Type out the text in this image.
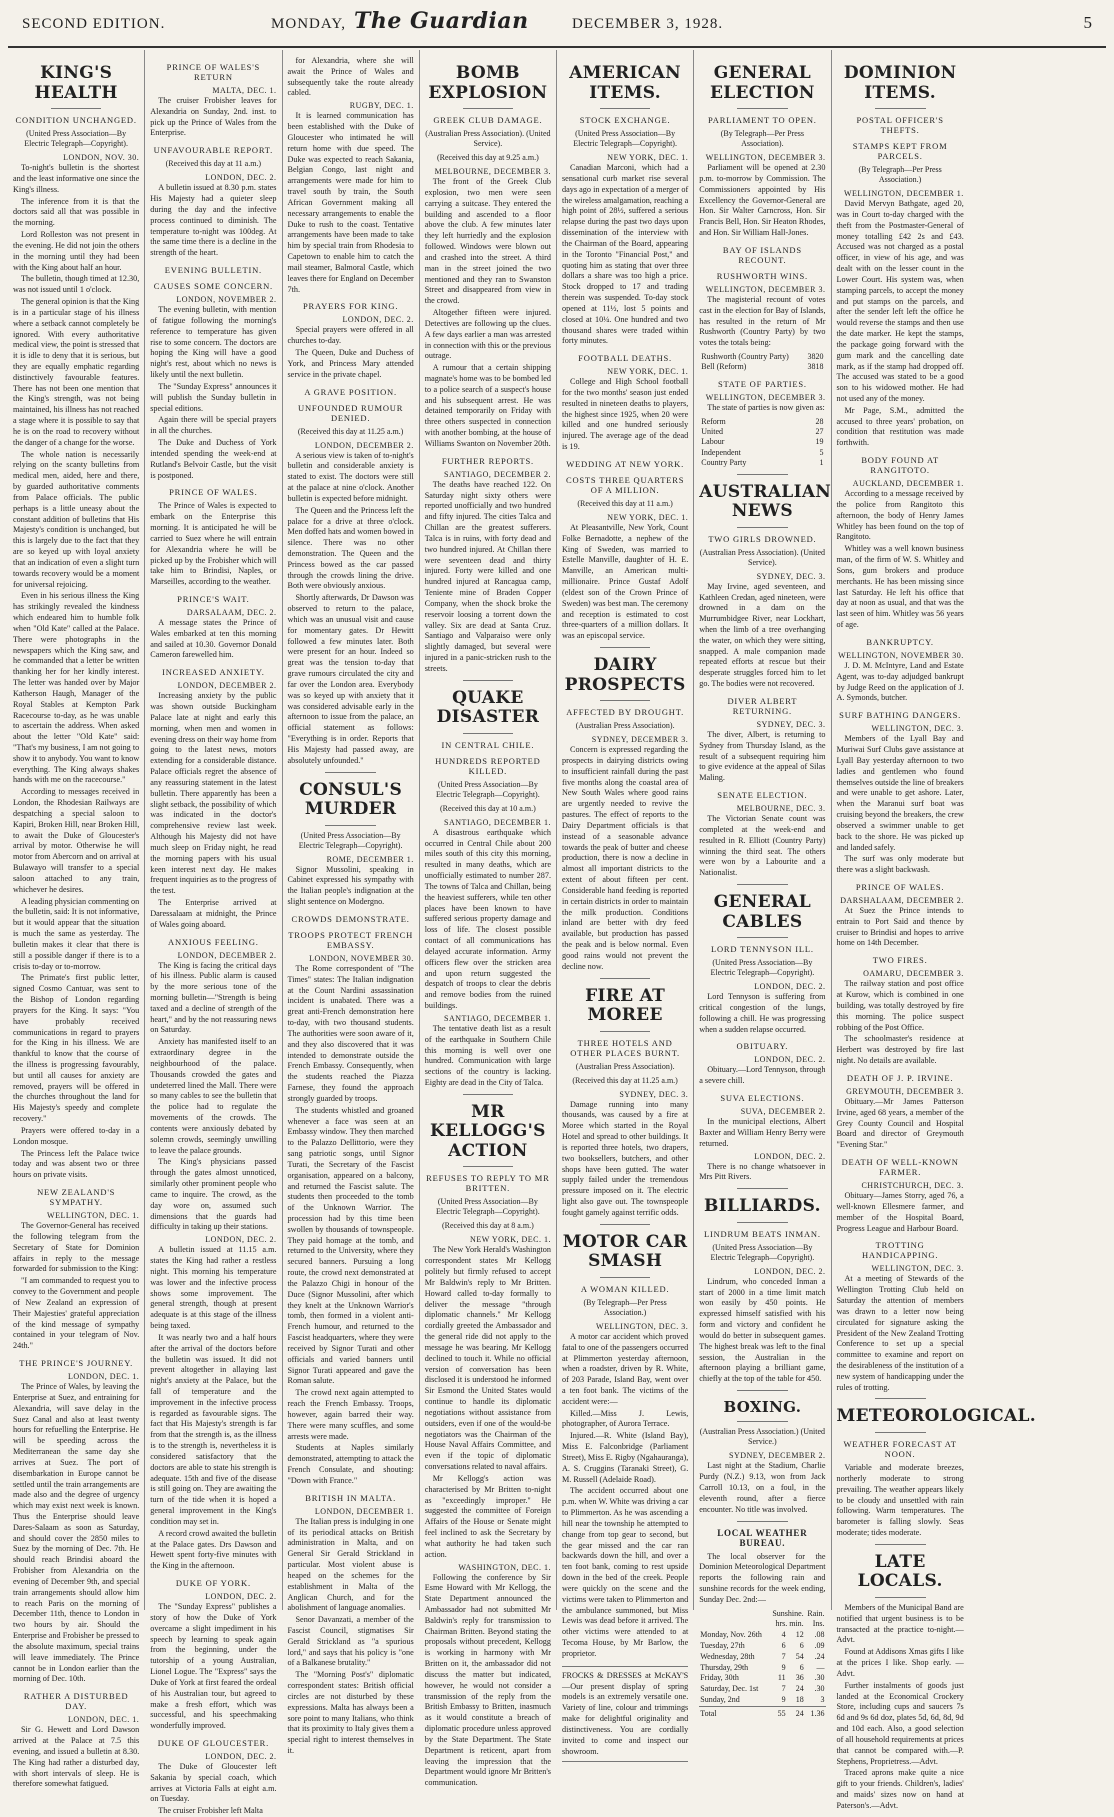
SECOND EDITION.	MONDAY, The Guardian	DECEMBER 3, 1928.	5
KING'S HEALTH
CONDITION UNCHANGED.
(United Press Association—By Electric Telegraph—Copyright).
LONDON, NOV. 30.

To-night's bulletin is the shortest and the least informative one since the King's illness.

The inference from it is that the doctors said all that was possible in the morning.

Lord Rolleston was not present in the evening. He did not join the others in the morning until they had been with the King about half an hour.

The bulletin, though timed at 12.30, was not issued until 1 o'clock.

The general opinion is that the King is in a particular stage of his illness where a setback cannot completely be ignored. With every authoritative medical view, the point is stressed that it is idle to deny that it is serious, but they are equally emphatic regarding distinctively favourable features. There has not been one mention that the King's strength, was not being maintained, his illness has not reached a stage where it is possible to say that he is on the road to recovery without the danger of a change for the worse.

The whole nation is necessarily relying on the scanty bulletins from medical men, aided, here and there, by guarded authoritative comments from Palace officials. The public perhaps is a little uneasy about the constant addition of bulletins that His Majesty's condition is unchanged, but this is largely due to the fact that they are so keyed up with loyal anxiety that an indication of even a slight turn towards recovery would be a moment for universal rejoicing.

Even in his serious illness the King has strikingly revealed the kindness which endeared him to humble folk when "Old Kate" called at the Palace. There were photographs in the newspapers which the King saw, and he commanded that a letter be written thanking her for her kindly interest. The letter was handed over by Major Katherson Haugh, Manager of the Royal Stables at Kempton Park Racecourse to-day, as he was unable to ascertain the address. When asked about the letter "Old Kate" said: "That's my business, I am not going to show it to anybody. You want to know everything. The King always shakes hands with me on the racecourse."

According to messages received in London, the Rhodesian Railways are despatching a special saloon to Kapiri, Broken Hill, near Broken Hill, to await the Duke of Gloucester's arrival by motor. Otherwise he will motor from Abercorn and on arrival at Bulawayo will transfer to a special saloon attached to any train, whichever he desires.

A leading physician commenting on the bulletin, said: It is not informative, but it would appear that the situation is much the same as yesterday. The bulletin makes it clear that there is still a possible danger if there is to a crisis to-day or to-morrow.

The Primate's first public letter, signed Cosmo Cantuar, was sent to the Bishop of London regarding prayers for the King. It says: "You have probably received communications in regard to prayers for the King in his illness. We are thankful to know that the course of the illness is progressing favourably, but until all causes for anxiety are removed, prayers will be offered in the churches throughout the land for His Majesty's speedy and complete recovery."

Prayers were offered to-day in a London mosque.

The Princess left the Palace twice today and was absent two or three hours on private visits.

NEW ZEALAND'S SYMPATHY.
WELLINGTON, DEC. 1.

The Governor-General has received the following telegram from the Secretary of State for Dominion affairs in reply to the message forwarded for submission to the King:

"I am commanded to request you to convey to the Government and people of New Zealand an expression of Their Majesties' grateful appreciation of the kind message of sympathy contained in your telegram of Nov. 24th."

THE PRINCE'S JOURNEY.
LONDON, DEC. 1.

The Prince of Wales, by leaving the Enterprise at Suez, and entraining for Alexandria, will save delay in the Suez Canal and also at least twenty hours for refuelling the Enterprise. He will be speeding across the Mediterranean the same day she arrives at Suez. The port of disembarkation in Europe cannot be settled until the train arrangements are made also and the degree of urgency which may exist next week is known. Thus the Enterprise should leave Dares-Salaam as soon as Saturday, and should cover the 2850 miles to Suez by the morning of Dec. 7th. He should reach Brindisi aboard the Frobisher from Alexandria on the evening of December 9th, and special train arrangements should allow him to reach Paris on the morning of December 11th, thence to London in two hours by air. Should the Enterprise and Frobisher be pressed to the absolute maximum, special trains will leave immediately. The Prince cannot be in London earlier than the morning of Dec. 10th.

RATHER A DISTURBED DAY.
LONDON, DEC. 1.

Sir G. Hewett and Lord Dawson arrived at the Palace at 7.5 this evening, and issued a bulletin at 8.30. The King had rather a disturbed day, with short intervals of sleep. He is therefore somewhat fatigued.

PRINCE OF WALES'S RETURN
MALTA, DEC. 1.

The cruiser Frobisher leaves for Alexandria on Sunday, 2nd. inst. to pick up the Prince of Wales from the Enterprise.

UNFAVOURABLE REPORT.
(Received this day at 11 a.m.)
LONDON, DEC. 2.

A bulletin issued at 8.30 p.m. states His Majesty had a quieter sleep during the day and the infective process continued to diminish. The temperature to-night was 100deg. At the same time there is a decline in the strength of the heart.

EVENING BULLETIN.
CAUSES SOME CONCERN.
LONDON, NOVEMBER 2.

The evening bulletin, with mention of fatigue following the morning's reference to temperature has given rise to some concern. The doctors are hoping the King will have a good night's rest, about which no news is likely until the next bulletin.

The "Sunday Express" announces it will publish the Sunday bulletin in special editions.

Again there will be special prayers in all the churches.

The Duke and Duchess of York intended spending the week-end at Rutland's Belvoir Castle, but the visit is postponed.

PRINCE OF WALES.

The Prince of Wales is expected to embark on the Enterprise this morning. It is anticipated he will be carried to Suez where he will entrain for Alexandria where he will be picked up by the Frobisher which will take him to Brindisi, Naples, or Marseilles, according to the weather.

PRINCE'S WAIT.
DARSALAAM, DEC. 2.

A message states the Prince of Wales embarked at ten this morning and sailed at 10.30. Governor Donald Cameron farewelled him.

INCREASED ANXIETY.
LONDON, DECEMBER 2.

Increasing anxiety by the public was shown outside Buckingham Palace late at night and early this morning, when men and women in evening dress on their way home from going to the latest news, motors extending for a considerable distance. Palace officials regret the absence of any reassuring statement in the latest bulletin. There apparently has been a slight setback, the possibility of which was indicated in the doctor's comprehensive review last week. Although his Majesty did not have much sleep on Friday night, he read the morning papers with his usual keen interest next day. He makes frequent inquiries as to the progress of the test.

The Enterprise arrived at Daressalaam at midnight, the Prince of Wales going aboard.

ANXIOUS FEELING.
LONDON, DECEMBER 2.

The King is facing the critical days of his illness. Public alarm is caused by the more serious tone of the morning bulletin—"Strength is being taxed and a decline of strength of the heart," and by the not reassuring news on Saturday.

Anxiety has manifested itself to an extraordinary degree in the neighbourhood of the palace. Thousands crowded the gates and undeterred lined the Mall. There were so many cables to see the bulletin that the police had to regulate the movements of the crowds. The contents were anxiously debated by solemn crowds, seemingly unwilling to leave the palace grounds.

The King's physicians passed through the gates almost unnoticed, similarly other prominent people who came to inquire. The crowd, as the day wore on, assumed such dimensions that the guards had difficulty in taking up their stations.

LONDON, DEC. 2.

A bulletin issued at 11.15 a.m. states the King had rather a restless night. This morning his temperature was lower and the infective process shows some improvement. The general strength, though at present adequate is at this stage of the illness being taxed.

It was nearly two and a half hours after the arrival of the doctors before the bulletin was issued. It did not prevent altogether in allaying last night's anxiety at the Palace, but the fall of temperature and the improvement in the infective process is regarded as favourable signs. The fact that His Majesty's strength is far from that the strength is, as the illness is to the strength is, nevertheless it is considered satisfactory that the doctors are able to state his strength is adequate. 15th and five of the disease is still going on. They are awaiting the turn of the tide when it is hoped a general improvement in the King's condition may set in.

A record crowd awaited the bulletin at the Palace gates. Drs Dawson and Hewett spent forty-five minutes with the King in the afternoon.

DUKE OF YORK.
LONDON, DEC. 2.

The "Sunday Express" publishes a story of how the Duke of York overcame a slight impediment in his speech by learning to speak again from the beginning, under the tutorship of a young Australian, Lionel Logue. The "Express" says the Duke of York at first feared the ordeal of his Australian tour, but agreed to make a fresh effort, which was successful, and his speechmaking wonderfully improved.

DUKE OF GLOUCESTER.
LONDON, DEC. 2.

The Duke of Gloucester left Sakania by special coach, which arrives at Victoria Falls at eight a.m. on Tuesday.

The cruiser Frobisher left Malta

for Alexandria, where she will await the Prince of Wales and subsequently take the route already cabled.

RUGBY, DEC. 1.

It is learned communication has been established with the Duke of Gloucester who intimated he will return home with due speed. The Duke was expected to reach Sakania, Belgian Congo, last night and arrangements were made for him to travel south by train, the South African Government making all necessary arrangements to enable the Duke to rush to the coast. Tentative arrangements have been made to take him by special train from Rhodesia to Capetown to enable him to catch the mail steamer, Balmoral Castle, which leaves there for England on December 7th.

PRAYERS FOR KING.
LONDON, DEC. 2.

Special prayers were offered in all churches to-day.

The Queen, Duke and Duchess of York, and Princess Mary attended service in the private chapel.

A GRAVE POSITION.
UNFOUNDED RUMOUR DENIED.
(Received this day at 11.25 a.m.)
LONDON, DECEMBER 2.

A serious view is taken of to-night's bulletin and considerable anxiety is stated to exist. The doctors were still at the palace at nine o'clock. Another bulletin is expected before midnight.

The Queen and the Princess left the palace for a drive at three o'clock. Men doffed hats and women bowed in silence. There was no other demonstration. The Queen and the Princess bowed as the car passed through the crowds lining the drive. Both were obviously anxious.

Shortly afterwards, Dr Dawson was observed to return to the palace, which was an unusual visit and cause for momentary gates. Dr Hewitt followed a few minutes later. Both were present for an hour. Indeed so great was the tension to-day that grave rumours circulated the city and far over the London area. Everybody was so keyed up with anxiety that it was considered advisable early in the afternoon to issue from the palace, an official statement as follows: "Everything is in order. Reports that His Majesty had passed away, are absolutely unfounded."

CONSUL'S MURDER
(United Press Association—By Electric Telegraph—Copyright).
ROME, DECEMBER 1.

Signor Mussolini, speaking in Cabinet expressed his sympathy with the Italian people's indignation at the slight sentence on Modergno.

CROWDS DEMONSTRATE.
TROOPS PROTECT FRENCH EMBASSY.
LONDON, NOVEMBER 30.

The Rome correspondent of "The Times" states: The Italian indignation at the Count Nardini assassination incident is unabated. There was a great anti-French demonstration here to-day, with two thousand students. The authorities were soon aware of it, and they also discovered that it was intended to demonstrate outside the French Embassy. Consequently, when the students reached the Piazza Farnese, they found the approach strongly guarded by troops.

The students whistled and groaned whenever a face was seen at an Embassy window. They then marched to the Palazzo Dellittorio, were they sang patriotic songs, until Signor Turati, the Secretary of the Fascist organisation, appeared on a balcony, and returned the Fascist salute. The students then proceeded to the tomb of the Unknown Warrior. The procession had by this time been swollen by thousands of townspeople. They paid homage at the tomb, and returned to the University, where they secured banners. Pursuing a long route, the crowd next demonstrated at the Palazzo Chigi in honour of the Duce (Signor Mussolini, after which they knelt at the Unknown Warrior's tomb, then formed in a violent anti-French humour, and returned to the Fascist headquarters, where they were received by Signor Turati and other officials and varied banners until Signor Turati appeared and gave the Roman salute.

The crowd next again attempted to reach the French Embassy. Troops, however, again barred their way. There were many scuffles, and some arrests were made.

Students at Naples similarly demonstrated, attempting to attack the French Consulate, and shouting: "Down with France."

BRITISH IN MALTA.
LONDON, DECEMBER 1.

The Italian press is indulging in one of its periodical attacks on British administration in Malta, and on General Sir Gerald Strickland in particular. Most violent abuse is heaped on the schemes for the establishment in Malta of the Anglican Church, and for the abolishment of language anomalies.

Senor Davanzati, a member of the Fascist Council, stigmatises Sir Gerald Strickland as "a spurious lord," and says that his policy is "one of a Balkanese brutality."

The "Morning Post's" diplomatic correspondent states: British official circles are not disturbed by these expressions. Malta has always been a sore point to many Italians, who think that its proximity to Italy gives them a special right to interest themselves in it.

BOMB EXPLOSION
GREEK CLUB DAMAGE.
(Australian Press Association). (United Service).
(Received this day at 9.25 a.m.)
MELBOURNE, DECEMBER 3.

The front of the Greek Club explosion, two men were seen carrying a suitcase. They entered the building and ascended to a floor above the club. A few minutes later they left hurriedly and the explosion followed. Windows were blown out and crashed into the street. A third man in the street joined the two mentioned and they ran to Swanston Street and disappeared from view in the crowd.

Altogether fifteen were injured. Detectives are following up the clues. A few days earlier a man was arrested in connection with this or the previous outrage.

A rumour that a certain shipping magnate's home was to be bombed led to a police search of a suspect's house and his subsequent arrest. He was detained temporarily on Friday with three others suspected in connection with another bombing, at the house of Williams Swanton on November 20th.

FURTHER REPORTS.
SANTIAGO, DECEMBER 2.

The deaths have reached 122. On Saturday night sixty others were reported unofficially and two hundred and fifty injured. The cities Talca and Chillan are the greatest sufferers. Talca is in ruins, with forty dead and two hundred injured. At Chillan there were seventeen dead and thirty injured. Forty were killed and one hundred injured at Rancagua camp, Teniente mine of Braden Copper Company, when the shock broke the reservoir loosing a torrent down the valley. Six are dead at Santa Cruz. Santiago and Valparaiso were only slightly damaged, but several were injured in a panic-stricken rush to the streets.

QUAKE DISASTER
IN CENTRAL CHILE.
HUNDREDS REPORTED KILLED.
(United Press Association—By Electric Telegraph—Copyright).
(Received this day at 10 a.m.)
SANTIAGO, DECEMBER 1.

A disastrous earthquake which occurred in Central Chile about 200 miles south of this city this morning, resulted in many deaths, which are unofficially estimated to number 287. The towns of Talca and Chillan, being the heaviest sufferers, while ten other places have been known to have suffered serious property damage and loss of life. The closest possible contact of all communications has delayed accurate information. Army officers flew over the stricken area and upon return suggested the despatch of troops to clear the debris and remove bodies from the ruined buildings.

SANTIAGO, DECEMBER 1.

The tentative death list as a result of the earthquake in Southern Chile this morning is well over one hundred. Communication with large sections of the country is lacking. Eighty are dead in the City of Talca.

MR KELLOGG'S ACTION
REFUSES TO REPLY TO MR BRITTEN.
(United Press Association—By Electric Telegraph—Copyright).
(Received this day at 8 a.m.)
NEW YORK, DEC. 1.

The New York Herald's Washington correspondent states Mr Kellogg politely but firmly refused to accept Mr Baldwin's reply to Mr Britten. Howard called to-day formally to deliver the message "through diplomatic channels." Mr Kellogg cordially greeted the Ambassador and the general ride did not apply to the message he was bearing. Mr Kellogg declined to touch it. While no official version of conversation has been disclosed it is understood he informed Sir Esmond the United States would continue to handle its diplomatic negotiations without assistance from outsiders, even if one of the would-be negotiators was the Chairman of the House Naval Affairs Committee, and even if the topic of diplomatic conversations related to naval affairs.

Mr Kellogg's action was characterised by Mr Britten to-night as "exceedingly improper." He suggested the committee of Foreign Affairs of the House or Senate might feel inclined to ask the Secretary by what authority he had taken such action.

WASHINGTON, DEC. 1.

Following the conference by Sir Esme Howard with Mr Kellogg, the State Department announced the Ambassador had not submitted Mr Baldwin's reply for transmission to Chairman Britten. Beyond stating the proposals without precedent, Kellogg is working in harmony with Mr Britten on it, the ambassador did not discuss the matter but indicated, however, he would not consider a transmission of the reply from the British Embassy to Britten, inasmuch as it would constitute a breach of diplomatic procedure unless approved by the State Department. The State Department is reticent, apart from leaving the impression that the Department would ignore Mr Britten's communication.

AMERICAN ITEMS.
STOCK EXCHANGE.
(United Press Association—By Electric Telegraph—Copyright).
NEW YORK, DEC. 1.

Canadian Marconi, which had a sensational curb market rise several days ago in expectation of a merger of the wireless amalgamation, reaching a high point of 28½, suffered a serious relapse during the past two days upon dissemination of the interview with the Chairman of the Board, appearing in the Toronto "Financial Post," and quoting him as stating that over three dollars a share was too high a price. Stock dropped to 17 and trading therein was suspended. To-day stock opened at 11½, lost 5 points and closed at 10¼. One hundred and two thousand shares were traded within forty minutes.

FOOTBALL DEATHS.
NEW YORK, DEC. 1.

College and High School football for the two months' season just ended resulted in nineteen deaths to players, the highest since 1925, when 20 were killed and one hundred seriously injured. The average age of the dead is 19.

WEDDING AT NEW YORK.
COSTS THREE QUARTERS OF A MILLION.
(Received this day at 11 a.m.)
NEW YORK, DEC. 1.

At Pleasantville, New York, Count Folke Bernadotte, a nephew of the King of Sweden, was married to Estelle Manville, daughter of H. E. Manville, an American multi-millionaire. Prince Gustaf Adolf (eldest son of the Crown Prince of Sweden) was best man. The ceremony and reception is estimated to cost three-quarters of a million dollars. It was an episcopal service.

DAIRY PROSPECTS
AFFECTED BY DROUGHT.
(Australian Press Association).
SYDNEY, DECEMBER 3.

Concern is expressed regarding the prospects in dairying districts owing to insufficient rainfall during the past five months along the coastal area of New South Wales where good rains are urgently needed to revive the pastures. The effect of reports to the Dairy Department officials is that instead of a seasonable advance towards the peak of butter and cheese production, there is now a decline in almost all important districts to the extent of about fifteen per cent. Considerable hand feeding is reported in certain districts in order to maintain the milk production. Conditions inland are better with dry feed available, but production has passed the peak and is below normal. Even good rains would not prevent the decline now.

FIRE AT MOREE
THREE HOTELS AND OTHER PLACES BURNT.
(Australian Press Association).
(Received this day at 11.25 a.m.)
SYDNEY, DEC. 3.

Damage running into many thousands, was caused by a fire at Moree which started in the Royal Hotel and spread to other buildings. It is reported three hotels, two drapers, two booksellers, butchers, and other shops have been gutted. The water supply failed under the tremendous pressure imposed on it. The electric light also gave out. The townspeople fought gamely against terrific odds.

MOTOR CAR SMASH
A WOMAN KILLED.
(By Telegraph—Per Press Association.)
WELLINGTON, DEC. 3.

A motor car accident which proved fatal to one of the passengers occurred at Plimmerton yesterday afternoon, when a roadster, driven by R. White, of 203 Parade, Island Bay, went over a ten foot bank. The victims of the accident were:—

Killed.—Miss J. Lewis, photographer, of Aurora Terrace.

Injured.—R. White (Island Bay), Miss E. Falconbridge (Parliament Street), Miss E. Rigby (Ngahauranga), A. S. Cruggins (Taranaki Street), G. M. Russell (Adelaide Road).

The accident occurred about one p.m. when W. White was driving a car to Plimmerton. As he was ascending a hill near the township he attempted to change from top gear to second, but the gear missed and the car ran backwards down the hill, and over a ten foot bank, coming to rest upside down in the bed of the creek. People were quickly on the scene and the victims were taken to Plimmerton and the ambulance summoned, but Miss Lewis was dead before it arrived. The other victims were attended to at Tecoma House, by Mr Barlow, the proprietor.

FROCKS & DRESSES at McKAY'S —Our present display of spring models is an extremely versatile one. Variety of line, colour and trimmings make for delightful originality and distinctiveness. You are cordially invited to come and inspect our showroom.
GENERAL ELECTION
PARLIAMENT TO OPEN.
(By Telegraph—Per Press Association).
WELLINGTON, DECEMBER 3.

Parliament will be opened at 2.30 p.m. to-morrow by Commission. The Commissioners appointed by His Excellency the Governor-General are Hon. Sir Walter Carncross, Hon. Sir Francis Bell, Hon. Sir Heaton Rhodes, and Hon. Sir William Hall-Jones.

BAY OF ISLANDS RECOUNT.
RUSHWORTH WINS.
WELLINGTON, DECEMBER 3.

The magisterial recount of votes cast in the election for Bay of Islands, has resulted in the return of Mr Rushworth (Country Party) by two votes the totals being:

Rushworth (Country Party)	3820
Bell (Reform)	3818
STATE OF PARTIES.
WELLINGTON, DECEMBER 3.

The state of parties is now given as:

Reform	28
United	27
Labour	19
Independent	5
Country Party	1
AUSTRALIAN NEWS
TWO GIRLS DROWNED.
(Australian Press Association). (United Service).
SYDNEY, DEC. 3.

May Irvine, aged seventeen, and Kathleen Credan, aged nineteen, were drowned in a dam on the Murrumbidgee River, near Lockhart, when the limb of a tree overhanging the water, on which they were sitting, snapped. A male companion made repeated efforts at rescue but their desperate struggles forced him to let go. The bodies were not recovered.

DIVER ALBERT RETURNING.
SYDNEY, DEC. 3.

The diver, Albert, is returning to Sydney from Thursday Island, as the result of a subsequent requiring him to give evidence at the appeal of Silas Maling.

SENATE ELECTION.
MELBOURNE, DEC. 3.

The Victorian Senate count was completed at the week-end and resulted in R. Elliott (Country Party) winning the third seat. The others were won by a Labourite and a Nationalist.

GENERAL CABLES
LORD TENNYSON ILL.
(United Press Association—By Electric Telegraph—Copyright).
LONDON, DEC. 2.

Lord Tennyson is suffering from critical congestion of the lungs, following a chill. He was progressing when a sudden relapse occurred.

OBITUARY.
LONDON, DEC. 2.

Obituary.—Lord Tennyson, through a severe chill.

SUVA ELECTIONS.
SUVA, DECEMBER 2.

In the municipal elections, Albert Baxter and William Henry Berry were returned.

LONDON, DEC. 2.

There is no change whatsoever in Mrs Pitt Rivers.

BILLIARDS.
LINDRUM BEATS INMAN.
(United Press Association—By Electric Telegraph—Copyright).
LONDON, DEC. 2.

Lindrum, who conceded Inman a start of 2000 in a time limit match won easily by 450 points. He expressed himself satisfied with his form and victory and confident he would do better in subsequent games. The highest break was left to the final session, the Australian in the afternoon playing a brilliant game, chiefly at the top of the table for 450.

BOXING.
(Australian Press Association.) (United Service.)
SYDNEY, DECEMBER 2.

Last night at the Stadium, Charlie Purdy (N.Z.) 9.13, won from Jack Carroll 10.13, on a foul, in the eleventh round, after a fierce encounter. No title was involved.

LOCAL WEATHER BUREAU.

The local observer for the Dominion Meteorological Department reports the following rain and sunshine records for the week ending, Sunday Dec. 2nd:—

	Sunshine.		Rain.
	hrs. min.		Ins.
Monday, Nov. 26th	4	12	.08
Tuesday, 27th	6	6	.09
Wednesday, 28th	7	54	.24
Thursday, 29th	9	6	—
Friday, 30th	11	36	.30
Saturday, Dec. 1st	7	24	.30
Sunday, 2nd	9	18	3
Total	55	24	1.36
DOMINION ITEMS.
POSTAL OFFICER'S THEFTS.
STAMPS KEPT FROM PARCELS.
(By Telegraph—Per Press Association.)
WELLINGTON, DECEMBER 1.

David Mervyn Bathgate, aged 20, was in Court to-day charged with the theft from the Postmaster-General of money totalling £42 2s and £43. Accused was not charged as a postal officer, in view of his age, and was dealt with on the lesser count in the Lower Court. His system was, when stamping parcels, to accept the money and put stamps on the parcels, and after the sender left left the office he would reverse the stamps and then use the date marker. He kept the stamps, the package going forward with the gum mark and the cancelling date mark, as if the stamp had dropped off. The accused was stated to be a good son to his widowed mother. He had not used any of the money.

Mr Page, S.M., admitted the accused to three years' probation, on condition that restitution was made forthwith.

BODY FOUND AT RANGITOTO.
AUCKLAND, DECEMBER 1.

According to a message received by the police from Rangitoto this afternoon, the body of Henry James Whitley has been found on the top of Rangitoto.

Whitley was a well known business man, of the firm of W. S. Whitley and Sons, gum brokers and produce merchants. He has been missing since last Saturday. He left his office that day at noon as usual, and that was the last seen of him. Whitley was 56 years of age.

BANKRUPTCY.
WELLINGTON, NOVEMBER 30.

J. D. M. McIntyre, Land and Estate Agent, was to-day adjudged bankrupt by Judge Reed on the application of J. A. Symonds, butcher.

SURF BATHING DANGERS.
WELLINGTON, DEC. 3.

Members of the Lyall Bay and Muriwai Surf Clubs gave assistance at Lyall Bay yesterday afternoon to two ladies and gentlemen who found themselves outside the line of breakers and were unable to get ashore. Later, when the Maranui surf boat was cruising beyond the breakers, the crew observed a swimmer unable to get back to the shore. He was picked up and landed safely.

The surf was only moderate but there was a slight backwash.

PRINCE OF WALES.
DARSHALAAM, DECEMBER 2.

At Suez the Prince intends to entrain to Port Said and thence by cruiser to Brindisi and hopes to arrive home on 14th December.

TWO FIRES.
OAMARU, DECEMBER 3.

The railway station and post office at Kurow, which is combined in one building, was totally destroyed by fire this morning. The police suspect robbing of the Post Office.

The schoolmaster's residence at Herbert was destroyed by fire last night. No details are available.

DEATH OF J. P. IRVINE.
GREYMOUTH, DECEMBER 3.

Obituary.—Mr James Patterson Irvine, aged 68 years, a member of the Grey County Council and Hospital Board and director of Greymouth "Evening Star."

DEATH OF WELL-KNOWN FARMER.
CHRISTCHURCH, DEC. 3.

Obituary—James Storry, aged 76, a well-known Ellesmere farmer, and member of the Hospital Board, Progress League and Harbour Board.

TROTTING HANDICAPPING.
WELLINGTON, DEC. 3.

At a meeting of Stewards of the Wellington Trotting Club held on Saturday the attention of members was drawn to a letter now being circulated for signature asking the President of the New Zealand Trotting Conference to set up a special committee to examine and report on the desirableness of the institution of a new system of handicapping under the rules of trotting.

METEOROLOGICAL.
WEATHER FORECAST AT NOON.

Variable and moderate breezes, northerly moderate to strong prevailing. The weather appears likely to be cloudy and unsettled with rain following. Warm temperatures. The barometer is falling slowly. Seas moderate; tides moderate.

LATE LOCALS.

Members of the Municipal Band are notified that urgent business is to be transacted at the practice to-night.—Advt.

Found at Addisons Xmas gifts I like at the prices I like. Shop early. —Advt.

Further instalments of goods just landed at the Economical Crockery Store, including cups and saucers 7s 6d and 9s 6d doz, plates 5d, 6d, 8d, 9d and 10d each. Also, a good selection of all household requirements at prices that cannot be compared with.—P. Stephens, Proprietress.—Advt.

Traced aprons make quite a nice gift to your friends. Children's, ladies' and maids' sizes now on hand at Paterson's.—Advt.
